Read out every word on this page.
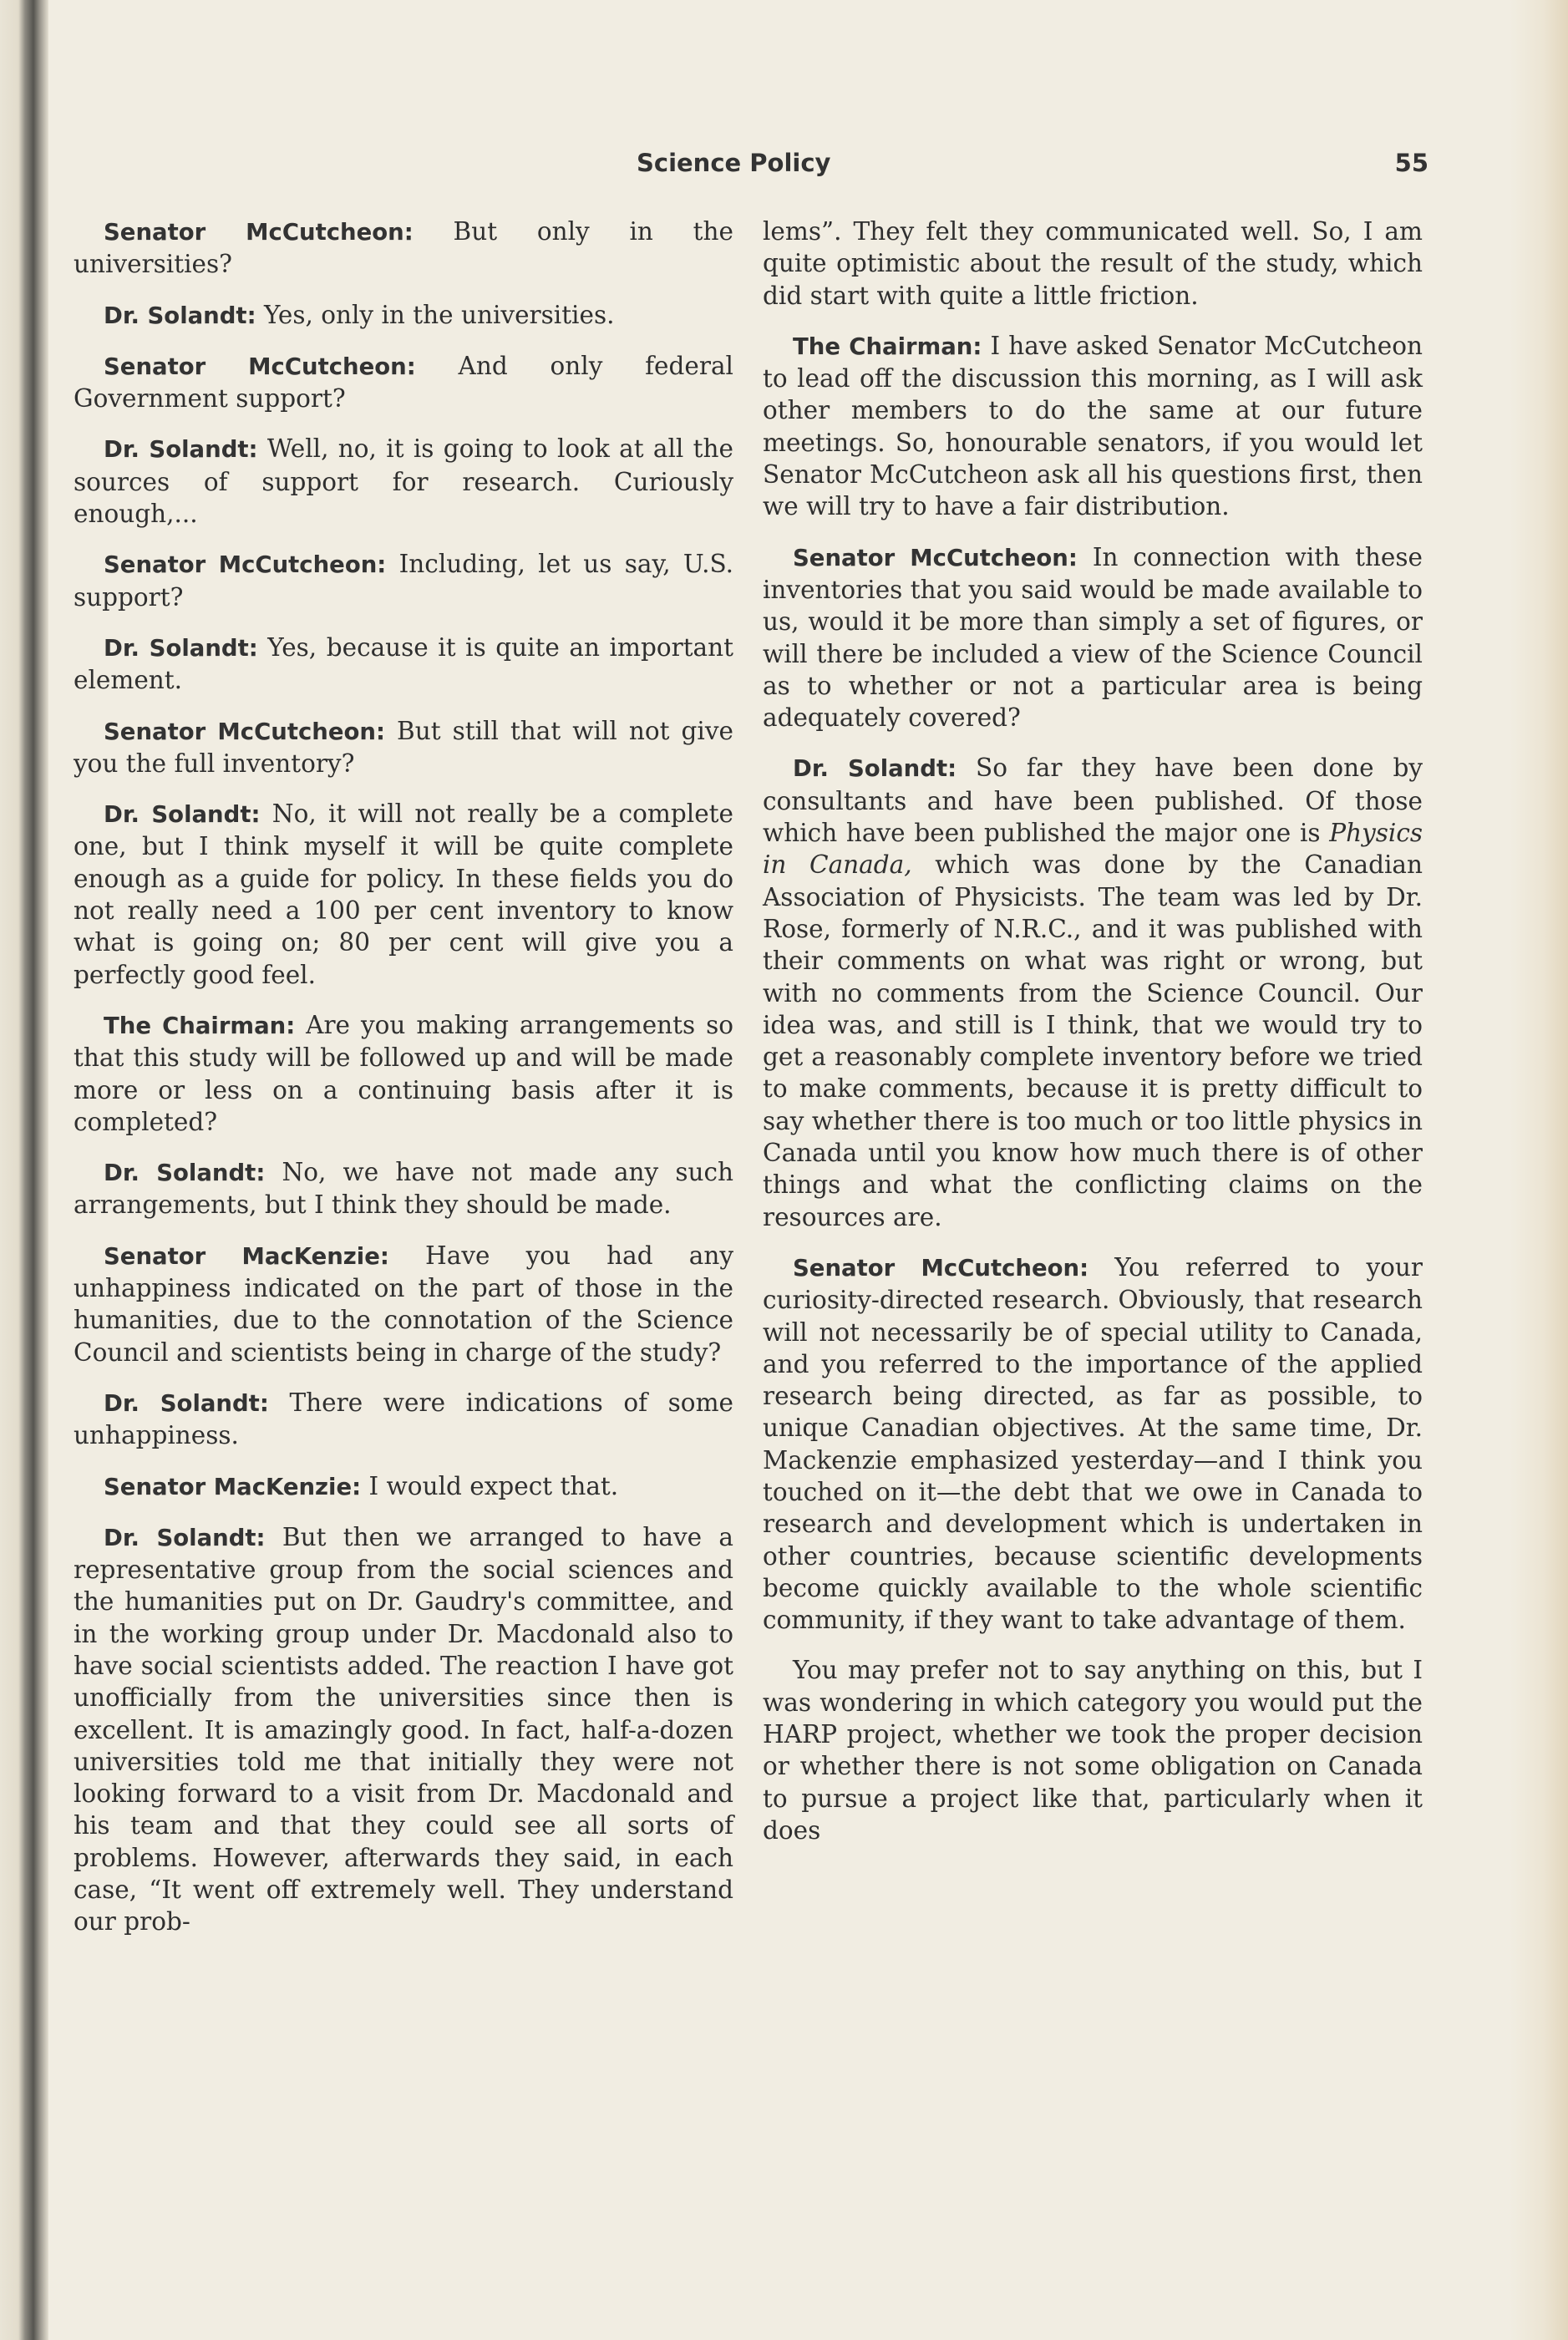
Science Policy	55

Senator McCutcheon: But only in the universities?

Dr. Solandt: Yes, only in the universities.

Senator McCutcheon: And only federal Government support?

Dr. Solandt: Well, no, it is going to look at all the sources of support for research. Curiously enough,...

Senator McCutcheon: Including, let us say, U.S. support?

Dr. Solandt: Yes, because it is quite an important element.

Senator McCutcheon: But still that will not give you the full inventory?

Dr. Solandt: No, it will not really be a complete one, but I think myself it will be quite complete enough as a guide for policy. In these fields you do not really need a 100 per cent inventory to know what is going on; 80 per cent will give you a perfectly good feel.

The Chairman: Are you making arrangements so that this study will be followed up and will be made more or less on a continuing basis after it is completed?

Dr. Solandt: No, we have not made any such arrangements, but I think they should be made.

Senator MacKenzie: Have you had any unhappiness indicated on the part of those in the humanities, due to the connotation of the Science Council and scientists being in charge of the study?

Dr. Solandt: There were indications of some unhappiness.

Senator MacKenzie: I would expect that.

Dr. Solandt: But then we arranged to have a representative group from the social sciences and the humanities put on Dr. Gaudry's committee, and in the working group under Dr. Macdonald also to have social scientists added. The reaction I have got unofficially from the universities since then is excellent. It is amazingly good. In fact, half-a-dozen universities told me that initially they were not looking forward to a visit from Dr. Macdonald and his team and that they could see all sorts of problems. However, afterwards they said, in each case, “It went off extremely well. They understand our prob-

lems”. They felt they communicated well. So, I am quite optimistic about the result of the study, which did start with quite a little friction.

The Chairman: I have asked Senator McCutcheon to lead off the discussion this morning, as I will ask other members to do the same at our future meetings. So, honourable senators, if you would let Senator McCutcheon ask all his questions first, then we will try to have a fair distribution.

Senator McCutcheon: In connection with these inventories that you said would be made available to us, would it be more than simply a set of figures, or will there be included a view of the Science Council as to whether or not a particular area is being adequately covered?

Dr. Solandt: So far they have been done by consultants and have been published. Of those which have been published the major one is Physics in Canada, which was done by the Canadian Association of Physicists. The team was led by Dr. Rose, formerly of N.R.C., and it was published with their comments on what was right or wrong, but with no comments from the Science Council. Our idea was, and still is I think, that we would try to get a reasonably complete inventory before we tried to make comments, because it is pretty difficult to say whether there is too much or too little physics in Canada until you know how much there is of other things and what the conflicting claims on the resources are.

Senator McCutcheon: You referred to your curiosity-directed research. Obviously, that research will not necessarily be of special utility to Canada, and you referred to the importance of the applied research being directed, as far as possible, to unique Canadian objectives. At the same time, Dr. Mackenzie emphasized yesterday—and I think you touched on it—the debt that we owe in Canada to research and development which is undertaken in other countries, because scientific developments become quickly available to the whole scientific community, if they want to take advantage of them.

You may prefer not to say anything on this, but I was wondering in which category you would put the HARP project, whether we took the proper decision or whether there is not some obligation on Canada to pursue a project like that, particularly when it does
